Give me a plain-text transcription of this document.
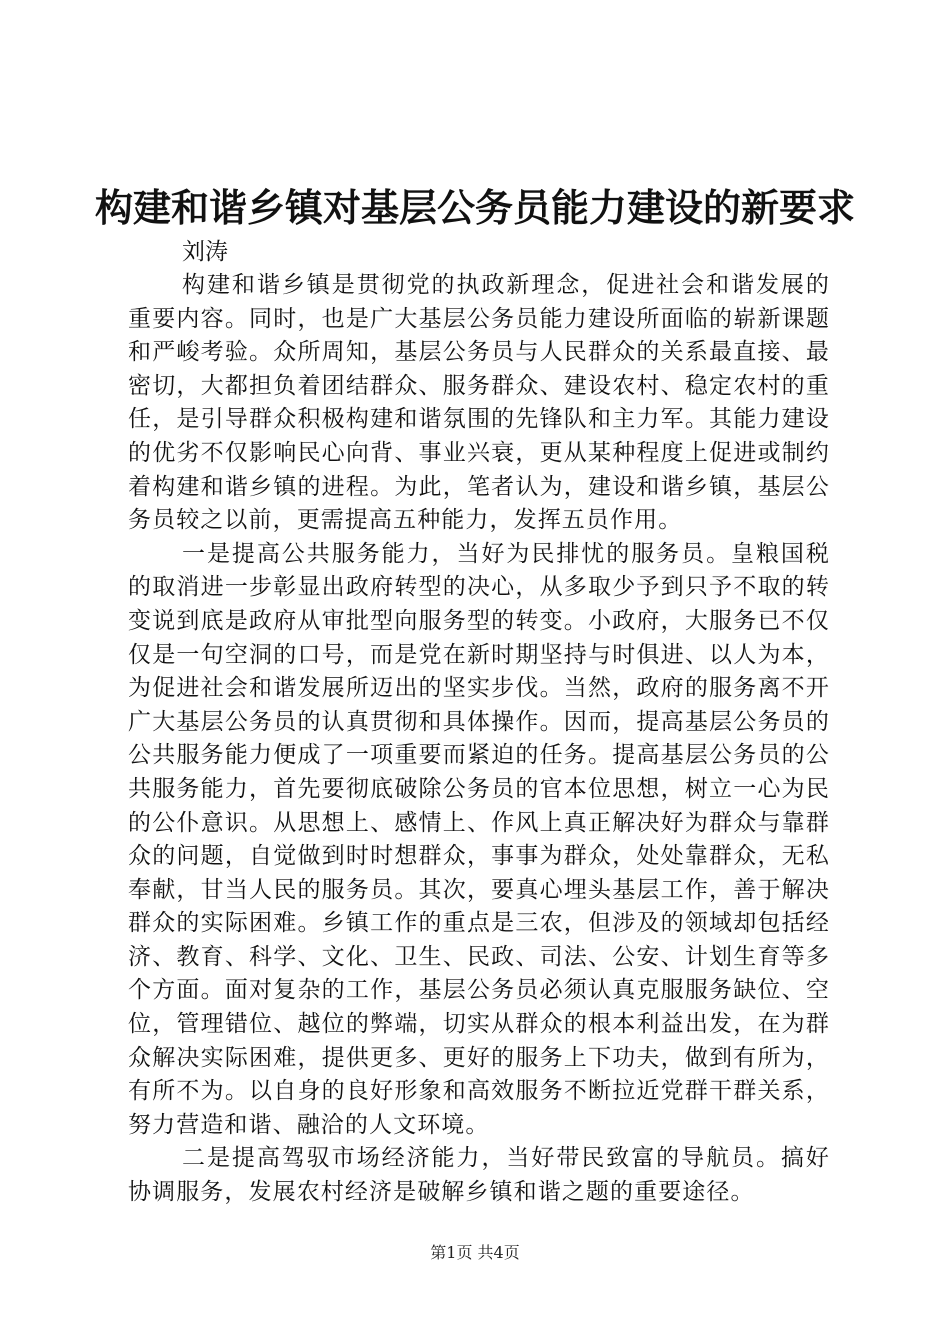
构建和谐乡镇对基层公务员能力建设的新要求

刘涛

构建和谐乡镇是贯彻党的执政新理念，促进社会和谐发展的重要内容。同时，也是广大基层公务员能力建设所面临的崭新课题和严峻考验。众所周知，基层公务员与人民群众的关系最直接、最密切，大都担负着团结群众、服务群众、建设农村、稳定农村的重任，是引导群众积极构建和谐氛围的先锋队和主力军。其能力建设的优劣不仅影响民心向背、事业兴衰，更从某种程度上促进或制约着构建和谐乡镇的进程。为此，笔者认为，建设和谐乡镇，基层公务员较之以前，更需提高五种能力，发挥五员作用。

一是提高公共服务能力，当好为民排忧的服务员。皇粮国税的取消进一步彰显出政府转型的决心，从多取少予到只予不取的转变说到底是政府从审批型向服务型的转变。小政府，大服务已不仅仅是一句空洞的口号，而是党在新时期坚持与时俱进、以人为本，为促进社会和谐发展所迈出的坚实步伐。当然，政府的服务离不开广大基层公务员的认真贯彻和具体操作。因而，提高基层公务员的公共服务能力便成了一项重要而紧迫的任务。提高基层公务员的公共服务能力，首先要彻底破除公务员的官本位思想，树立一心为民的公仆意识。从思想上、感情上、作风上真正解决好为群众与靠群众的问题，自觉做到时时想群众，事事为群众，处处靠群众，无私奉献，甘当人民的服务员。其次，要真心埋头基层工作，善于解决群众的实际困难。乡镇工作的重点是三农，但涉及的领域却包括经济、教育、科学、文化、卫生、民政、司法、公安、计划生育等多个方面。面对复杂的工作，基层公务员必须认真克服服务缺位、空位，管理错位、越位的弊端，切实从群众的根本利益出发，在为群众解决实际困难，提供更多、更好的服务上下功夫，做到有所为，有所不为。以自身的良好形象和高效服务不断拉近党群干群关系，努力营造和谐、融洽的人文环境。

二是提高驾驭市场经济能力，当好带民致富的导航员。搞好协调服务，发展农村经济是破解乡镇和谐之题的重要途径。

第1页 共4页
